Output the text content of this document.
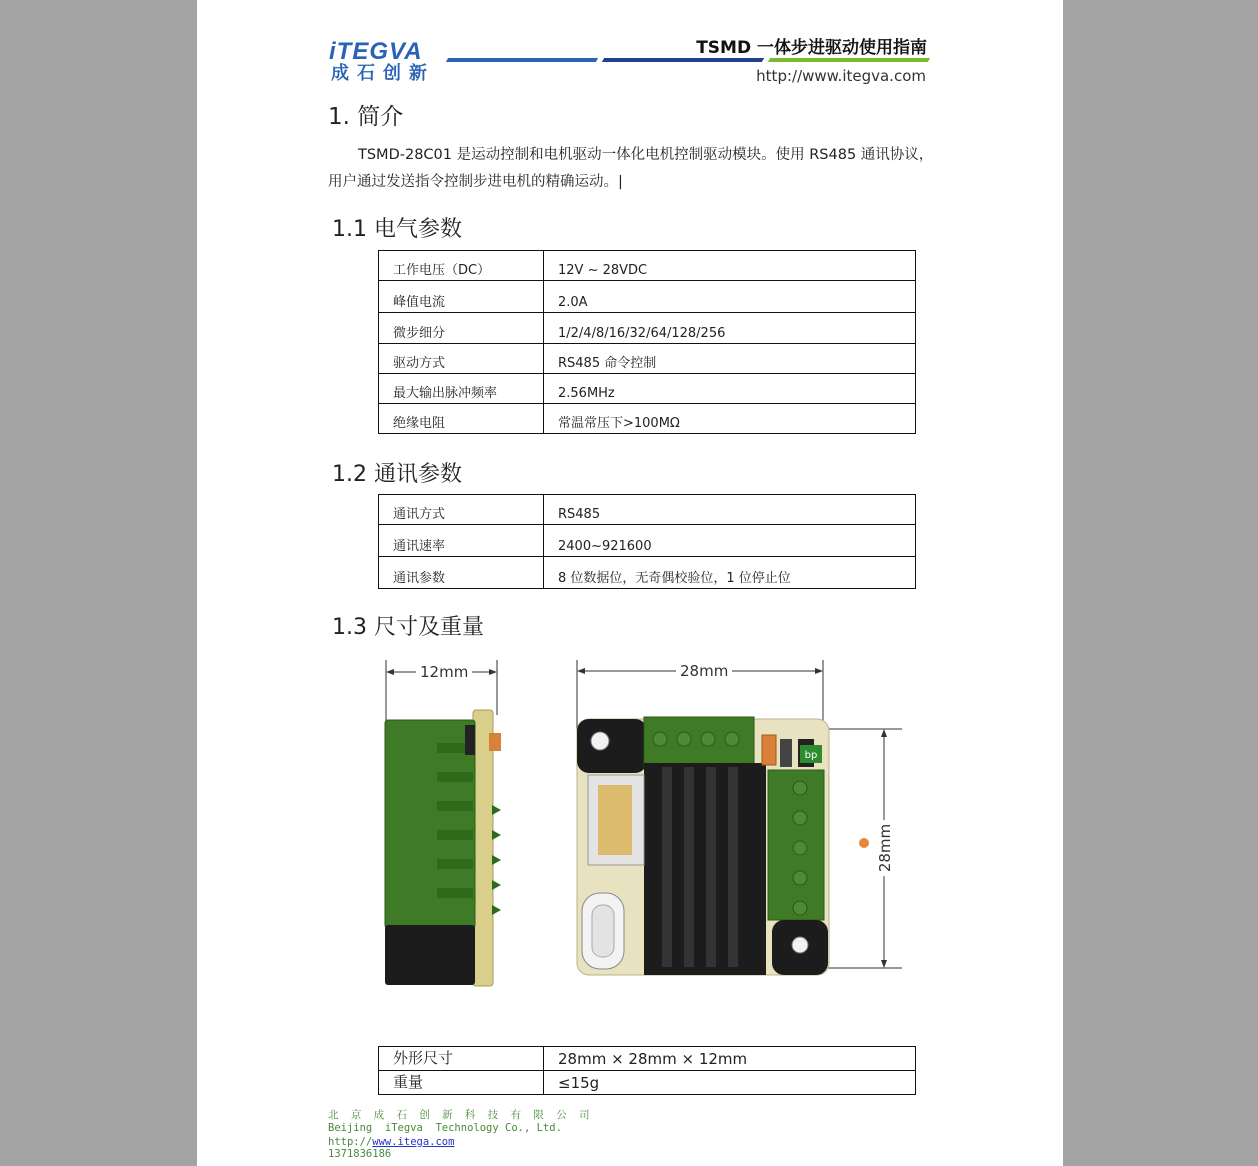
iTEGVA
成石创新
TSMD 一体步进驱动使用指南
http://www.itegva.com
1. 简介
TSMD-28C01 是运动控制和电机驱动一体化电机控制驱动模块。使用 RS485 通讯协议，用户通过发送指令控制步进电机的精确运动。|
1.1 电气参数
工作电压（DC）	12V ~ 28VDC
峰值电流	2.0A
微步细分	1/2/4/8/16/32/64/128/256
驱动方式	RS485 命令控制
最大输出脉冲频率	2.56MHz
绝缘电阻	常温常压下>100MΩ
1.2 通讯参数
通讯方式	RS485
通讯速率	2400~921600
通讯参数	8 位数据位，无奇偶校验位，1 位停止位
1.3 尺寸及重量
12mm
bp
28mm
28mm
外形尺寸	28mm × 28mm × 12mm
重量	≤15g
北 京 成 石 创 新 科 技 有 限 公 司
Beijing  iTegva  Technology Co., Ltd.
http://www.itega.com
1371836186
